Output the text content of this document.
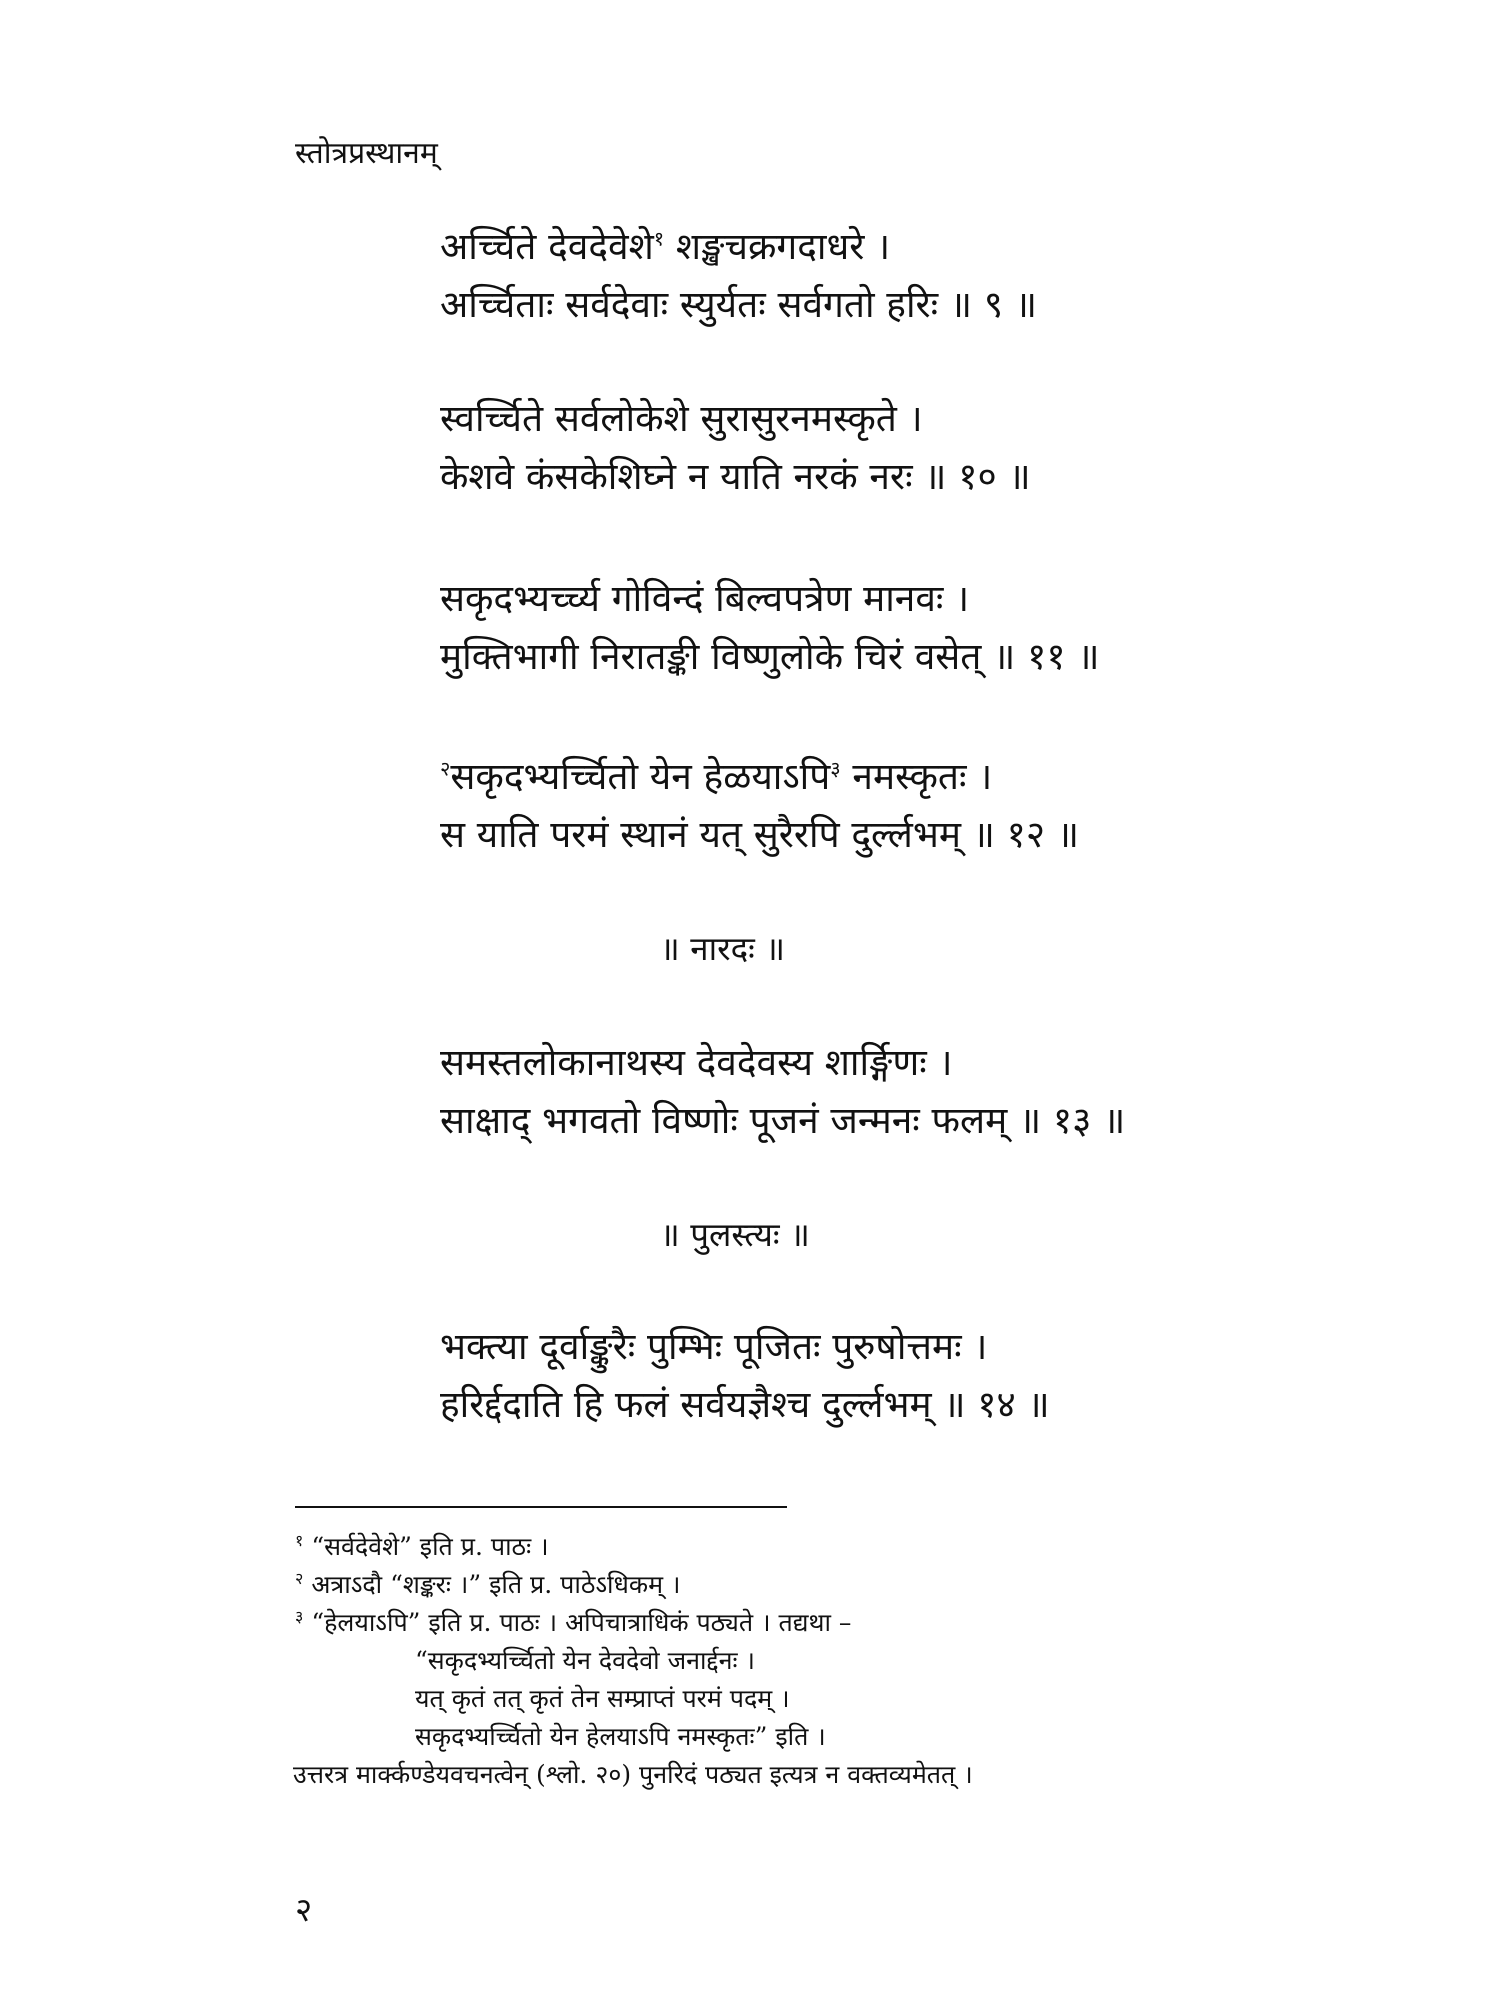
स्तोत्रप्रस्थानम्
अर्च्चिते देवदेवेशे$^१$ शङ्खचक्रगदाधरे ।
अर्च्चिताः सर्वदेवाः स्युर्यतः सर्वगतो हरिः ॥ ९ ॥
स्वर्च्चिते सर्वलोकेशे सुरासुरनमस्कृते ।
केशवे कंसकेशिघ्ने न याति नरकं नरः ॥ १० ॥
सकृदभ्यर्च्च्य गोविन्दं बिल्वपत्रेण मानवः ।
मुक्तिभागी निरातङ्की विष्णुलोके चिरं वसेत् ॥ ११ ॥
$^२$सकृदभ्यर्च्चितो येन हेळयाऽपि$^३$ नमस्कृतः ।
स याति परमं स्थानं यत् सुरैरपि दुर्ल्लभम् ॥ १२ ॥
॥ नारदः ॥
समस्तलोकानाथस्य देवदेवस्य शार्ङ्गिणः ।
साक्षाद् भगवतो विष्णोः पूजनं जन्मनः फलम् ॥ १३ ॥
॥ पुलस्त्यः ॥
भक्त्या दूर्वाङ्कुरैः पुम्भिः पूजितः पुरुषोत्तमः ।
हरिर्द्ददाति हि फलं सर्वयज्ञैश्च दुर्ल्लभम् ॥ १४ ॥
$^१$ “सर्वदेवेशे” इति प्र. पाठः ।
$^२$ अत्राऽदौ “शङ्करः ।” इति प्र. पाठेऽधिकम् ।
$^३$ “हेलयाऽपि” इति प्र. पाठः । अपिचात्राधिकं पठ्यते । तद्यथा –
“सकृदभ्यर्च्चितो येन देवदेवो जनार्द्दनः ।
यत् कृतं तत् कृतं तेन सम्प्राप्तं परमं पदम् ।
सकृदभ्यर्च्चितो येन हेलयाऽपि नमस्कृतः” इति ।
उत्तरत्र मार्क्कण्डेयवचनत्वेन् (श्लो. २०) पुनरिदं पठ्यत इत्यत्र न वक्तव्यमेतत् ।
२
